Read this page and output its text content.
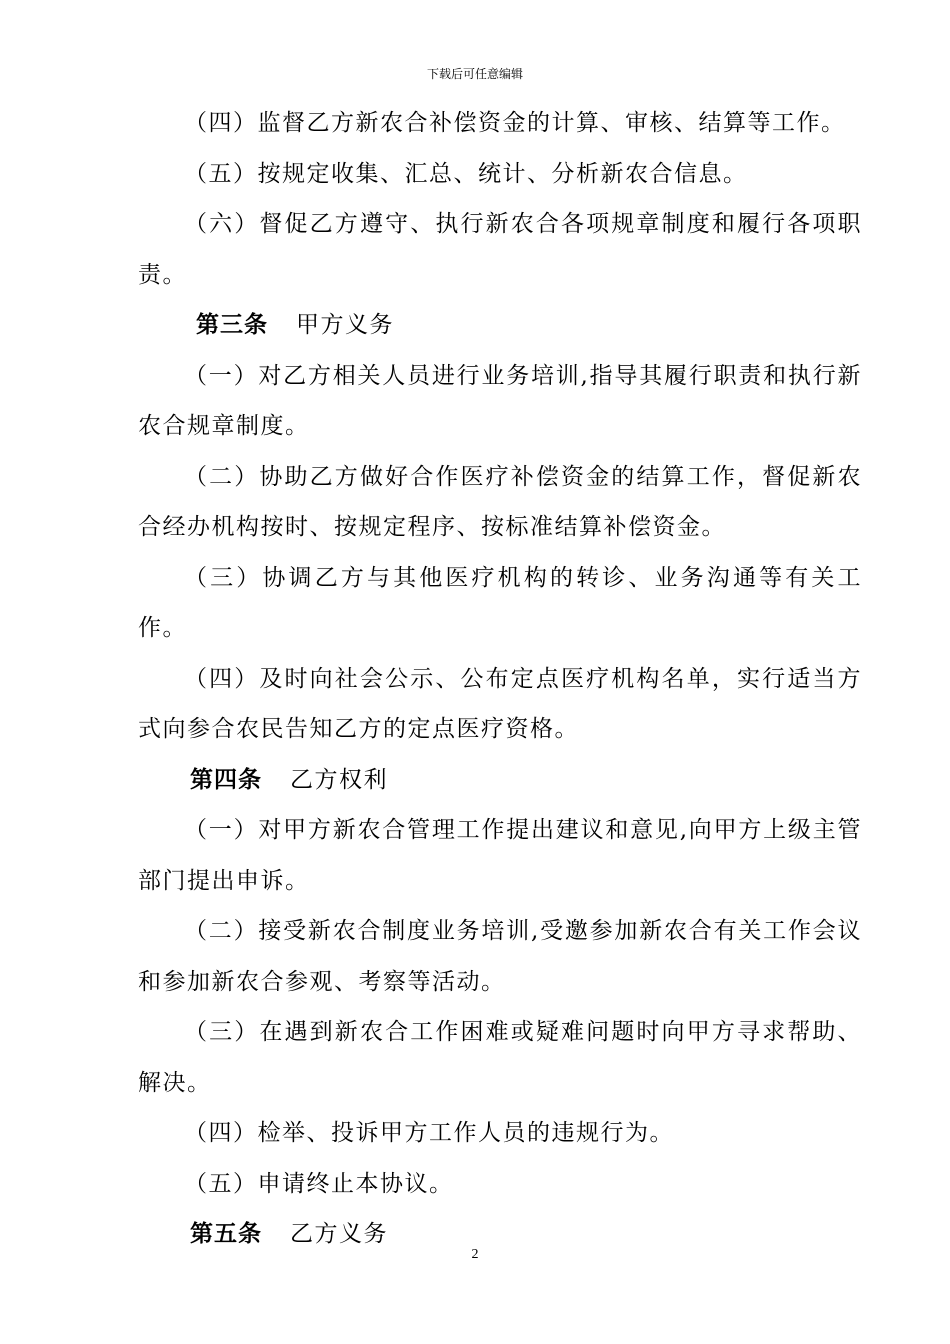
下载后可任意编辑

（四）监督乙方新农合补偿资金的计算、审核、结算等工作。

（五）按规定收集、汇总、统计、分析新农合信息。

（六）督促乙方遵守、执行新农合各项规章制度和履行各项职责。

第三条 甲方义务

（一）对乙方相关人员进行业务培训,指导其履行职责和执行新农合规章制度。

（二）协助乙方做好合作医疗补偿资金的结算工作，督促新农合经办机构按时、按规定程序、按标准结算补偿资金。

（三）协调乙方与其他医疗机构的转诊、业务沟通等有关工作。

（四）及时向社会公示、公布定点医疗机构名单，实行适当方式向参合农民告知乙方的定点医疗资格。

第四条 乙方权利

（一）对甲方新农合管理工作提出建议和意见,向甲方上级主管部门提出申诉。

（二）接受新农合制度业务培训,受邀参加新农合有关工作会议和参加新农合参观、考察等活动。

（三）在遇到新农合工作困难或疑难问题时向甲方寻求帮助、解决。

（四）检举、投诉甲方工作人员的违规行为。

（五）申请终止本协议。

第五条 乙方义务

2
